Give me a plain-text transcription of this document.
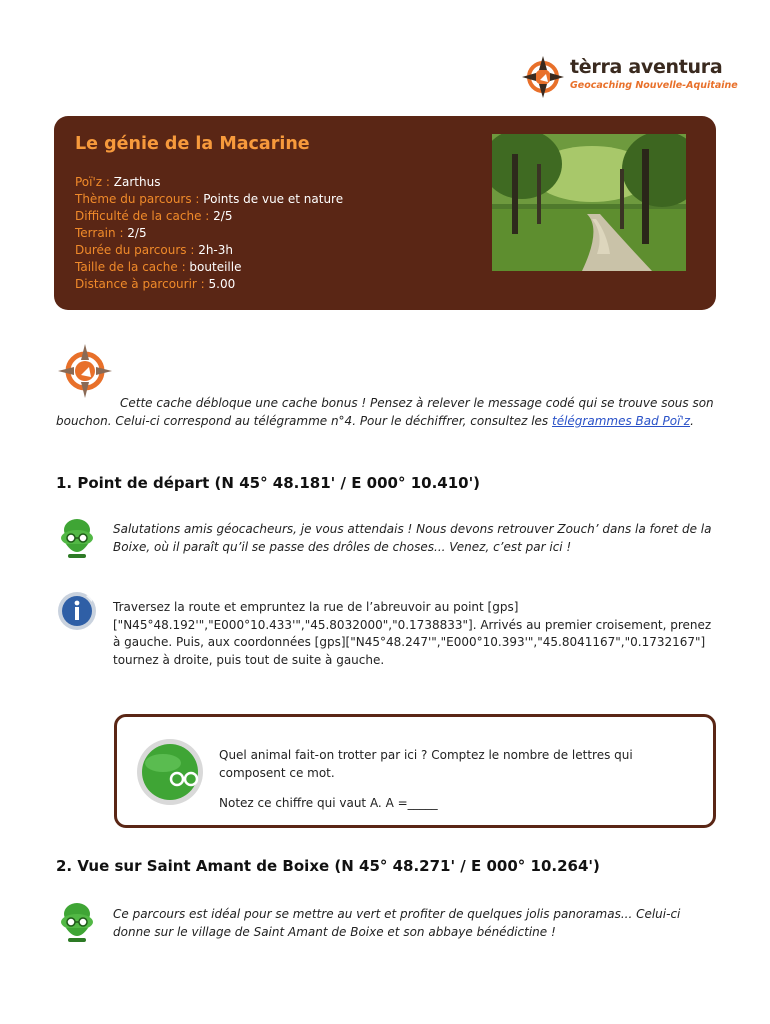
tèrra aventura
Geocaching Nouvelle-Aquitaine
Le génie de la Macarine
Poï'z : Zarthus
Thème du parcours : Points de vue et nature
Difficulté de la cache : 2/5
Terrain : 2/5
Durée du parcours : 2h-3h
Taille de la cache : bouteille
Distance à parcourir : 5.00
Cette cache débloque une cache bonus ! Pensez à relever le message codé qui se trouve sous son bouchon. Celui-ci correspond au télégramme n°4. Pour le déchiffrer, consultez les télégrammes Bad Poï'z.
1. Point de départ (N 45° 48.181' / E 000° 10.410')
Salutations amis géocacheurs, je vous attendais ! Nous devons retrouver Zouch’ dans la foret de la Boixe, où il paraît qu’il se passe des drôles de choses... Venez, c’est par ici !
Traversez la route et empruntez la rue de l’abreuvoir au point [gps]["N45°48.192'","E000°10.433'","45.8032000","0.1738833"]. Arrivés au premier croisement, prenez à gauche. Puis, aux coordonnées [gps]["N45°48.247'","E000°10.393'","45.8041167","0.1732167"] tournez à droite, puis tout de suite à gauche.

Quel animal fait-on trotter par ici ? Comptez le nombre de lettres qui composent ce mot.

Notez ce chiffre qui vaut A. A =_____

2. Vue sur Saint Amant de Boixe (N 45° 48.271' / E 000° 10.264')
Ce parcours est idéal pour se mettre au vert et profiter de quelques jolis panoramas... Celui-ci donne sur le village de Saint Amant de Boixe et son abbaye bénédictine !
